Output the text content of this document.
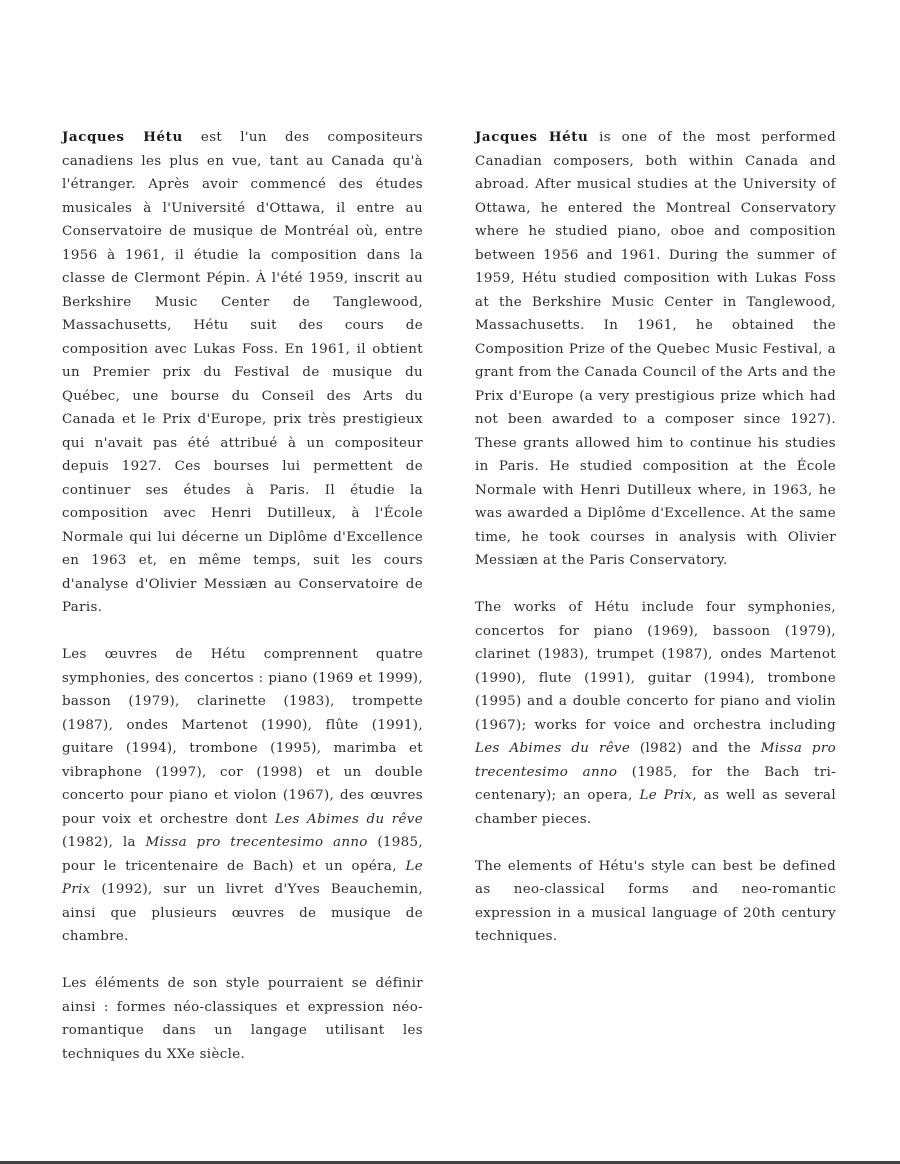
Jacques Hétu est l'un des compositeurs canadiens les plus en vue, tant au Canada qu'à l'étranger. Après avoir commencé des études musicales à l'Université d'Ottawa, il entre au Conservatoire de musique de Montréal où, entre 1956 à 1961, il étudie la composition dans la classe de Clermont Pépin. À l'été 1959, inscrit au Berkshire Music Center de Tanglewood, Massachusetts, Hétu suit des cours de composition avec Lukas Foss. En 1961, il obtient un Premier prix du Festival de musique du Québec, une bourse du Conseil des Arts du Canada et le Prix d'Europe, prix très prestigieux qui n'avait pas été attribué à un compositeur depuis 1927. Ces bourses lui permettent de continuer ses études à Paris. Il étudie la composition avec Henri Dutilleux, à l'École Normale qui lui décerne un Diplôme d'Excellence en 1963 et, en même temps, suit les cours d'analyse d'Olivier Messiæn au Conservatoire de Paris.

Les œuvres de Hétu comprennent quatre symphonies, des concertos : piano (1969 et 1999), basson (1979), clarinette (1983), trompette (1987), ondes Martenot (1990), flûte (1991), guitare (1994), trombone (1995), marimba et vibraphone (1997), cor (1998) et un double concerto pour piano et violon (1967), des œuvres pour voix et orchestre dont Les Abimes du rêve (1982), la Missa pro trecentesimo anno (1985, pour le tricentenaire de Bach) et un opéra, Le Prix (1992), sur un livret d'Yves Beauchemin, ainsi que plusieurs œuvres de musique de chambre.

Les éléments de son style pourraient se définir ainsi : formes néo-classiques et expression néo-romantique dans un langage utilisant les techniques du XXe siècle.

Jacques Hétu is one of the most performed Canadian composers, both within Canada and abroad. After musical studies at the University of Ottawa, he entered the Montreal Conservatory where he studied piano, oboe and composition between 1956 and 1961. During the summer of 1959, Hétu studied composition with Lukas Foss at the Berkshire Music Center in Tanglewood, Massachusetts. In 1961, he obtained the Composition Prize of the Quebec Music Festival, a grant from the Canada Council of the Arts and the Prix d'Europe (a very prestigious prize which had not been awarded to a composer since 1927). These grants allowed him to continue his studies in Paris. He studied composition at the École Normale with Henri Dutilleux where, in 1963, he was awarded a Diplôme d'Excellence. At the same time, he took courses in analysis with Olivier Messiæn at the Paris Conservatory.

The works of Hétu include four symphonies, concertos for piano (1969), bassoon (1979), clarinet (1983), trumpet (1987), ondes Martenot (1990), flute (1991), guitar (1994), trombone (1995) and a double concerto for piano and violin (1967); works for voice and orchestra including Les Abimes du rêve (l982) and the Missa pro trecentesimo anno (1985, for the Bach tri-centenary); an opera, Le Prix, as well as several chamber pieces.

The elements of Hétu's style can best be defined as neo-classical forms and neo-romantic expression in a musical language of 20th century techniques.
